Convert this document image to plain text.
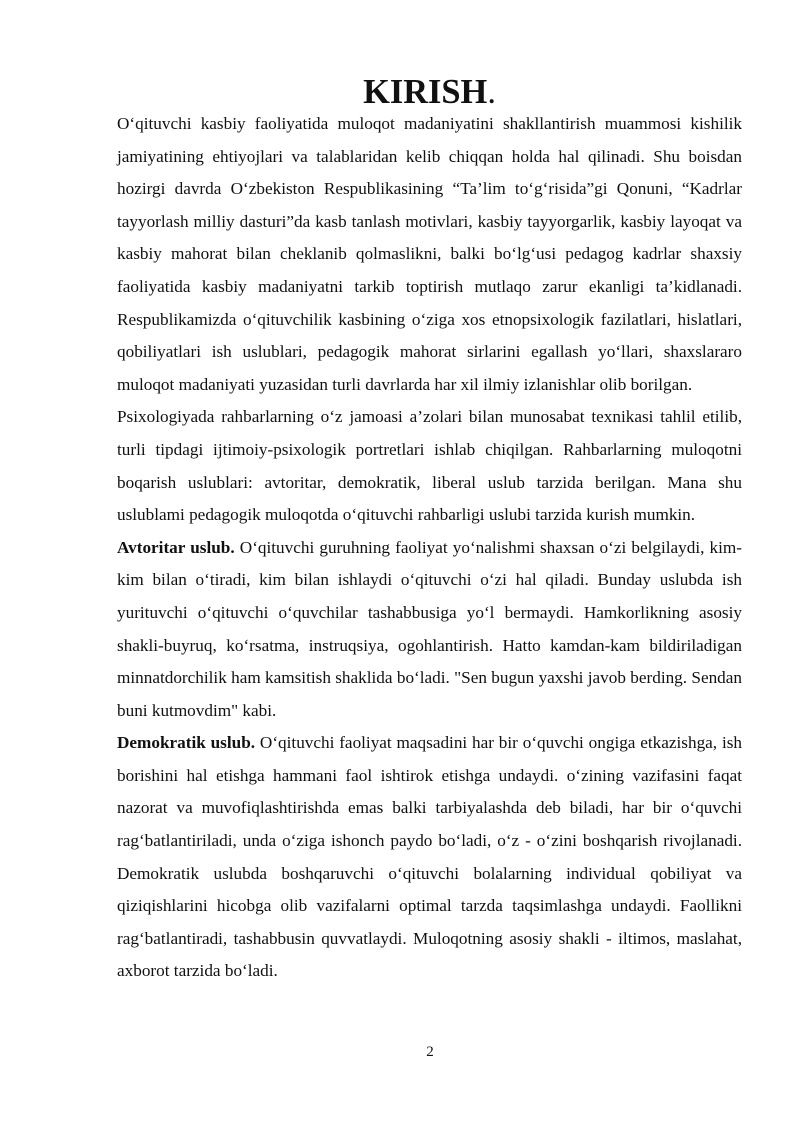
KIRISH.

O‘qituvchi kasbiy faoliyatida muloqot madaniyatini shakllantirish muammosi kishilik jamiyatining ehtiyojlari va talablaridan kelib chiqqan holda hal qilinadi. Shu boisdan hozirgi davrda O‘zbekiston Respublikasining “Ta’lim to‘g‘risida”gi Qonuni, “Kadrlar tayyorlash milliy dasturi”da kasb tanlash motivlari, kasbiy tayyorgarlik, kasbiy layoqat va kasbiy mahorat bilan cheklanib qolmaslikni, balki bo‘lg‘usi pedagog kadrlar shaxsiy faoliyatida kasbiy madaniyatni tarkib toptirish mutlaqo zarur ekanligi ta’kidlanadi. Respublikamizda o‘qituvchilik kasbining o‘ziga xos etnopsixologik fazilatlari, hislatlari, qobiliyatlari ish uslublari, pedagogik mahorat sirlarini egallash yo‘llari, shaxslararo muloqot madaniyati yuzasidan turli davrlarda har xil ilmiy izlanishlar olib borilgan.

Psixologiyada rahbarlarning o‘z jamoasi a’zolari bilan munosabat texnikasi tahlil etilib, turli tipdagi ijtimoiy-psixologik portretlari ishlab chiqilgan. Rahbarlarning muloqotni boqarish uslublari: avtoritar, demokratik, liberal uslub tarzida berilgan. Mana shu uslublami pedagogik muloqotda o‘qituvchi rahbarligi uslubi tarzida kurish mumkin.

Avtoritar uslub. O‘qituvchi guruhning faoliyat yo‘nalishmi shaxsan o‘zi belgilaydi, kim-kim bilan o‘tiradi, kim bilan ishlaydi o‘qituvchi o‘zi hal qiladi. Bunday uslubda ish yurituvchi o‘qituvchi o‘quvchilar tashabbusiga yo‘l bermaydi. Hamkorlikning asosiy shakli-buyruq, ko‘rsatma, instruqsiya, ogohlantirish. Hatto kamdan-kam bildiriladigan minnatdorchilik ham kamsitish shaklida bo‘ladi. "Sen bugun yaxshi javob berding. Sendan buni kutmovdim" kabi.

Demokratik uslub. O‘qituvchi faoliyat maqsadini har bir o‘quvchi ongiga etkazishga, ish borishini hal etishga hammani faol ishtirok etishga undaydi. o‘zining vazifasini faqat nazorat va muvofiqlashtirishda emas balki tarbiyalashda deb biladi, har bir o‘quvchi rag‘batlantiriladi, unda o‘ziga ishonch paydo bo‘ladi, o‘z - o‘zini boshqarish rivojlanadi. Demokratik uslubda boshqaruvchi o‘qituvchi bolalarning individual qobiliyat va qiziqishlarini hicobga olib vazifalarni optimal tarzda taqsimlashga undaydi. Faollikni rag‘batlantiradi, tashabbusin quvvatlaydi. Muloqotning asosiy shakli - iltimos, maslahat, axborot tarzida bo‘ladi.

2
